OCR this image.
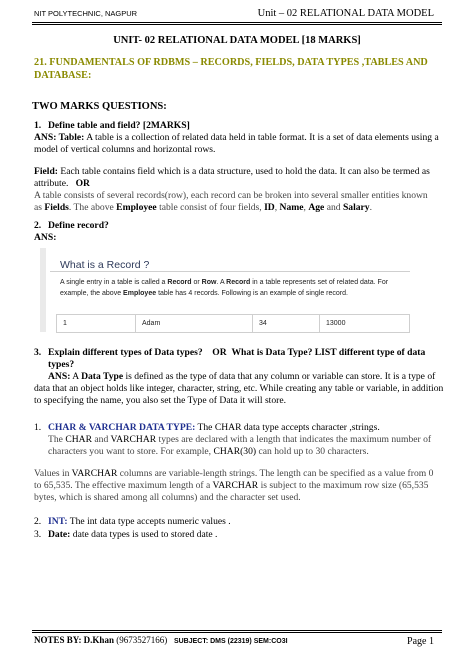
NIT POLYTECHNIC, NAGPUR	Unit – 02 RELATIONAL DATA MODEL
UNIT- 02 RELATIONAL DATA MODEL [18 MARKS]
21. FUNDAMENTALS OF RDBMS – RECORDS, FIELDS, DATA TYPES ,TABLES AND DATABASE:
TWO MARKS QUESTIONS:
1. Define table and field? [2MARKS]
ANS: Table: A table is a collection of related data held in table format. It is a set of data elements using a
model of vertical columns and horizontal rows.
Field: Each table contains field which is a data structure, used to hold the data. It can also be termed as
attribute. OR
A table consists of several records(row), each record can be broken into several smaller entities known
as Fields. The above Employee table consist of four fields, ID, Name, Age and Salary.
2. Define record?
ANS:
What is a Record ?
A single entry in a table is called a Record or Row. A Record in a table represents set of related data. For
example, the above Employee table has 4 records. Following is an example of single record.
1	Adam	34	13000
3. Explain different types of Data types? OR What is Data Type? LIST different type of data
types?
ANS: A Data Type is defined as the type of data that any column or variable can store. It is a type of
data that an object holds like integer, character, string, etc. While creating any table or variable, in addition
to specifying the name, you also set the Type of Data it will store.
1. CHAR & VARCHAR DATA TYPE: The CHAR data type accepts character ,strings.
The CHAR and VARCHAR types are declared with a length that indicates the maximum number of
characters you want to store. For example, CHAR(30) can hold up to 30 characters.
Values in VARCHAR columns are variable-length strings. The length can be specified as a value from 0
to 65,535. The effective maximum length of a VARCHAR is subject to the maximum row size (65,535
bytes, which is shared among all columns) and the character set used.
2. INT: The int data type accepts numeric values .
3. Date: date data types is used to stored date .
NOTES BY: D.Khan (9673527166) SUBJECT: DMS (22319) SEM:CO3I	Page 1
